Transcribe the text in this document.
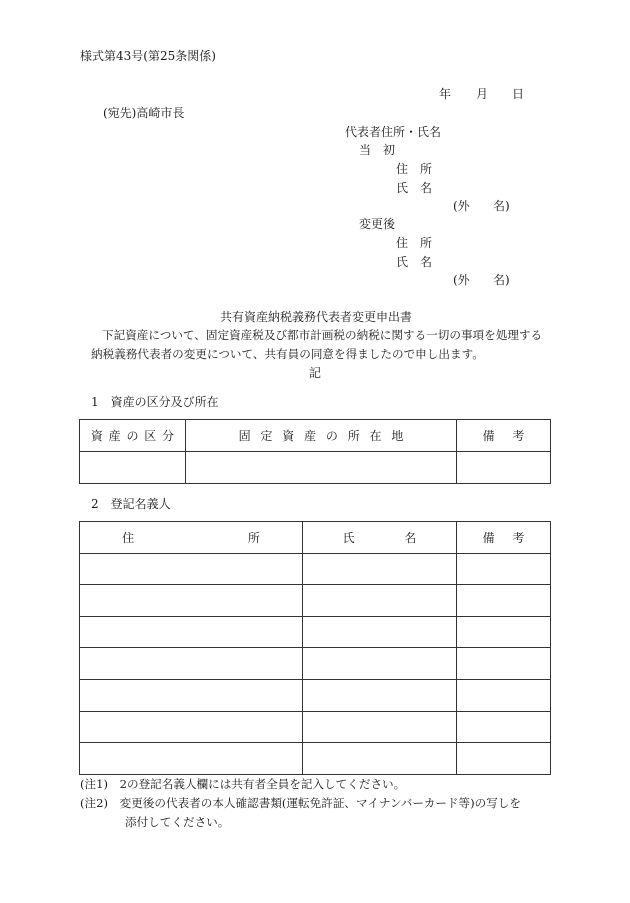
様式第43号(第25条関係)
年 月 日
(宛先)高崎市長
代表者住所・氏名
当　初
住　所
氏　名
(外 名)
変更後
住　所
氏　名
(外 名)
共有資産納税義務代表者変更申出書
下記資産について、固定資産税及び都市計画税の納税に関する一切の事項を処理する
納税義務代表者の変更について、共有員の同意を得ましたので申し出ます。
記
1　資産の区分及び所在
資 産 の 区 分	固 定 資 産 の 所 在 地	備 考

2　登記名義人
住 所	氏 名	備 考

(注1)　2の登記名義人欄には共有者全員を記入してください。
(注2)　変更後の代表者の本人確認書類(運転免許証、マイナンバーカード等)の写しを
添付してください。
